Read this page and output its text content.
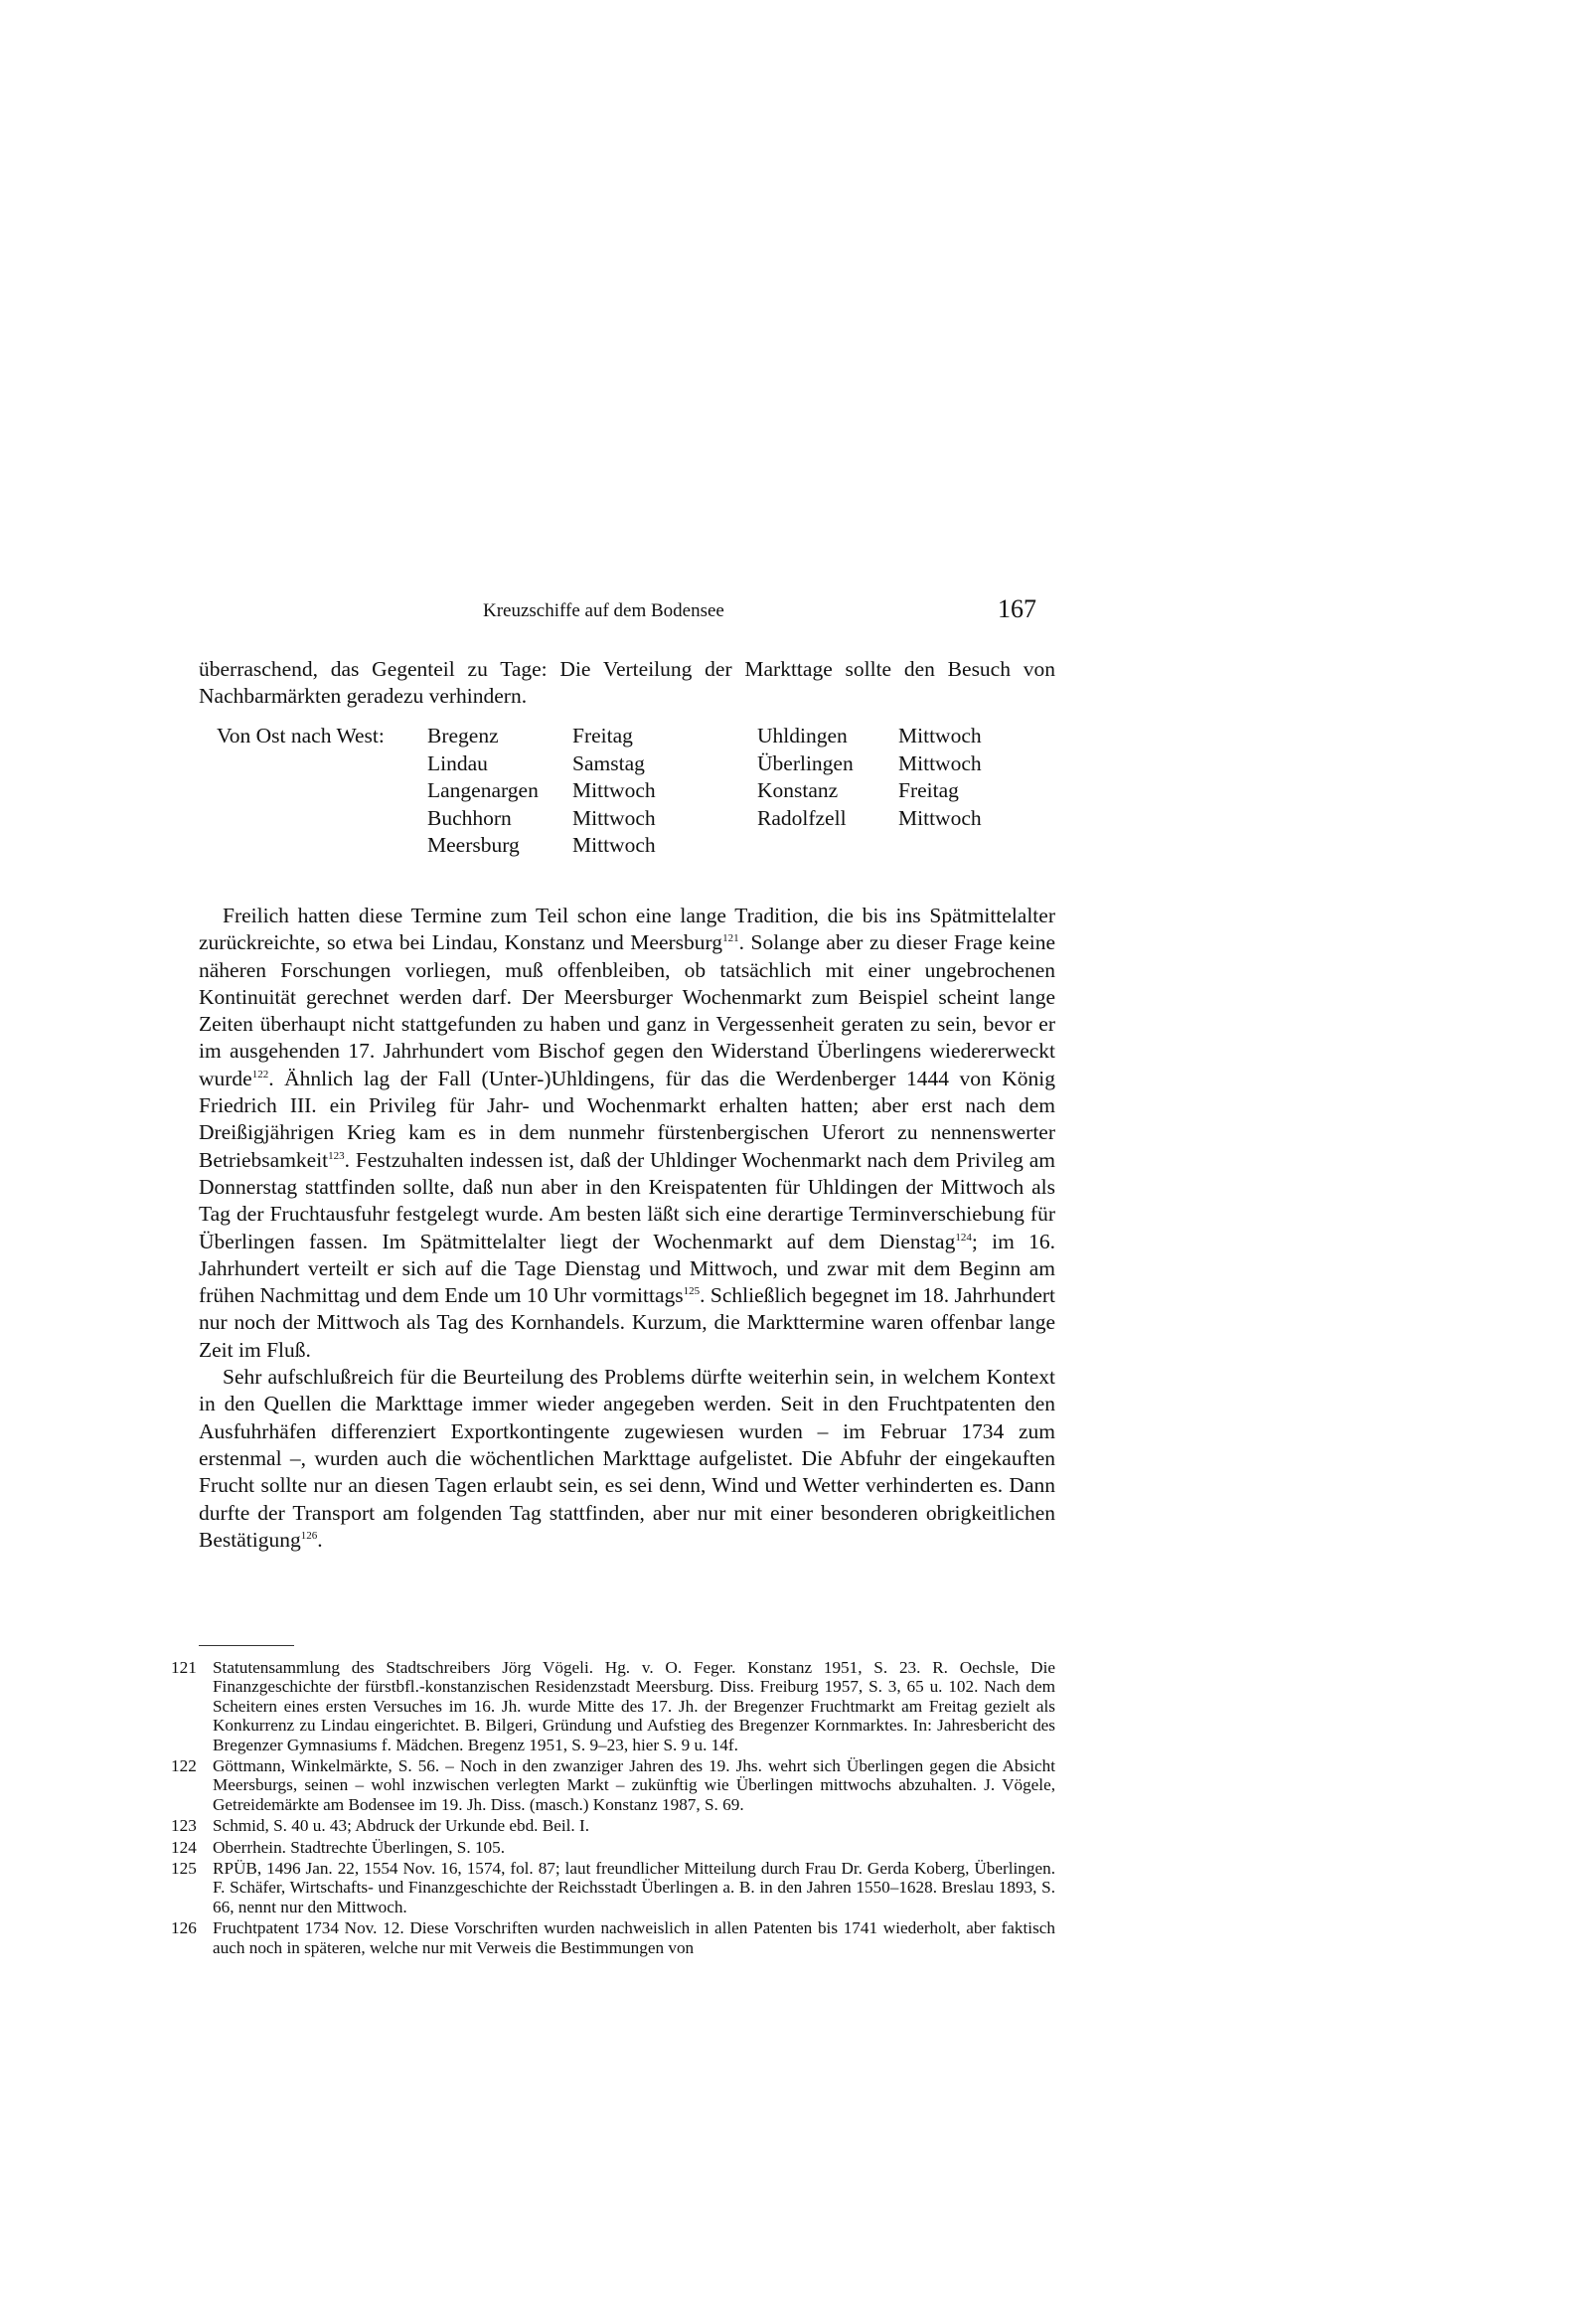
Kreuzschiffe auf dem Bodensee	167

überraschend, das Gegenteil zu Tage: Die Verteilung der Markttage sollte den Besuch von Nachbarmärkten geradezu verhindern.

Von Ost nach West: Bregenz
Lindau
Langenargen
Buchhorn
Meersburg
Freitag
Samstag
Mittwoch
Mittwoch
Mittwoch
Uhldingen
Überlingen
Konstanz
Radolfzell
Mittwoch
Mittwoch
Freitag
Mittwoch

Freilich hatten diese Termine zum Teil schon eine lange Tradition, die bis ins Spätmittelalter zurückreichte, so etwa bei Lindau, Konstanz und Meersburg$^{121}$. Solange aber zu dieser Frage keine näheren Forschungen vorliegen, muß offenbleiben, ob tatsächlich mit einer ungebrochenen Kontinuität gerechnet werden darf. Der Meersburger Wochenmarkt zum Beispiel scheint lange Zeiten überhaupt nicht stattgefunden zu haben und ganz in Vergessenheit geraten zu sein, bevor er im ausgehenden 17. Jahrhundert vom Bischof gegen den Widerstand Überlingens wiedererweckt wurde$^{122}$. Ähnlich lag der Fall (Unter-)Uhldingens, für das die Werdenberger 1444 von König Friedrich III. ein Privileg für Jahr- und Wochenmarkt erhalten hatten; aber erst nach dem Dreißigjährigen Krieg kam es in dem nunmehr fürstenbergischen Uferort zu nennenswerter Betriebsamkeit$^{123}$. Festzuhalten indessen ist, daß der Uhldinger Wochenmarkt nach dem Privileg am Donnerstag stattfinden sollte, daß nun aber in den Kreispatenten für Uhldingen der Mittwoch als Tag der Fruchtausfuhr festgelegt wurde. Am besten läßt sich eine derartige Terminverschiebung für Überlingen fassen. Im Spätmittelalter liegt der Wochenmarkt auf dem Dienstag$^{124}$; im 16. Jahrhundert verteilt er sich auf die Tage Dienstag und Mittwoch, und zwar mit dem Beginn am frühen Nachmittag und dem Ende um 10 Uhr vormittags$^{125}$. Schließlich begegnet im 18. Jahrhundert nur noch der Mittwoch als Tag des Kornhandels. Kurzum, die Markttermine waren offenbar lange Zeit im Fluß.

Sehr aufschlußreich für die Beurteilung des Problems dürfte weiterhin sein, in welchem Kontext in den Quellen die Markttage immer wieder angegeben werden. Seit in den Fruchtpatenten den Ausfuhrhäfen differenziert Exportkontingente zugewiesen wurden – im Februar 1734 zum erstenmal –, wurden auch die wöchentlichen Markttage aufgelistet. Die Abfuhr der eingekauften Frucht sollte nur an diesen Tagen erlaubt sein, es sei denn, Wind und Wetter verhinderten es. Dann durfte der Transport am folgenden Tag stattfinden, aber nur mit einer besonderen obrigkeitlichen Bestätigung$^{126}$.

121 Statutensammlung des Stadtschreibers Jörg Vögeli. Hg. v. O. Feger. Konstanz 1951, S. 23. R. Oechsle, Die Finanzgeschichte der fürstbfl.-konstanzischen Residenzstadt Meersburg. Diss. Freiburg 1957, S. 3, 65 u. 102. Nach dem Scheitern eines ersten Versuches im 16. Jh. wurde Mitte des 17. Jh. der Bregenzer Fruchtmarkt am Freitag gezielt als Konkurrenz zu Lindau eingerichtet. B. Bilgeri, Gründung und Aufstieg des Bregenzer Kornmarktes. In: Jahresbericht des Bregenzer Gymnasiums f. Mädchen. Bregenz 1951, S. 9–23, hier S. 9 u. 14f.
122 Göttmann, Winkelmärkte, S. 56. – Noch in den zwanziger Jahren des 19. Jhs. wehrt sich Überlingen gegen die Absicht Meersburgs, seinen – wohl inzwischen verlegten Markt – zukünftig wie Überlingen mittwochs abzuhalten. J. Vögele, Getreidemärkte am Bodensee im 19. Jh. Diss. (masch.) Konstanz 1987, S. 69.
123 Schmid, S. 40 u. 43; Abdruck der Urkunde ebd. Beil. I.
124 Oberrhein. Stadtrechte Überlingen, S. 105.
125 RPÜB, 1496 Jan. 22, 1554 Nov. 16, 1574, fol. 87; laut freundlicher Mitteilung durch Frau Dr. Gerda Koberg, Überlingen. F. Schäfer, Wirtschafts- und Finanzgeschichte der Reichsstadt Überlingen a. B. in den Jahren 1550–1628. Breslau 1893, S. 66, nennt nur den Mittwoch.
126 Fruchtpatent 1734 Nov. 12. Diese Vorschriften wurden nachweislich in allen Patenten bis 1741 wiederholt, aber faktisch auch noch in späteren, welche nur mit Verweis die Bestimmungen von
